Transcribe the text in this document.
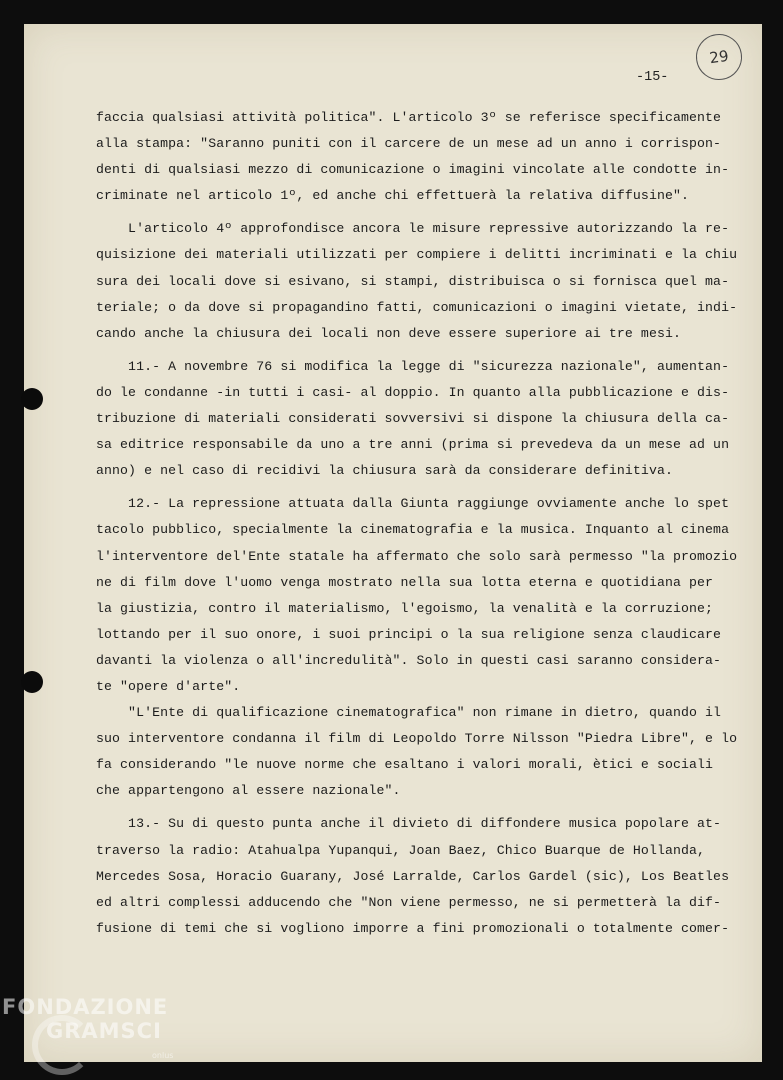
29
-15-
faccia qualsiasi attività politica". L'articolo 3º se referisce specificamente
alla stampa: "Saranno puniti con il carcere de un mese ad un anno i corrispon-
denti di qualsiasi mezzo di comunicazione o imagini vincolate alle condotte in-
criminate nel articolo 1º, ed anche chi effettuerà la relativa diffusine".
L'articolo 4º approfondisce ancora le misure repressive autorizzando la re-
quisizione dei materiali utilizzati per compiere i delitti incriminati e la chiu
sura dei locali dove si esivano, si stampi, distribuisca o si fornisca quel ma-
teriale; o da dove si propagandino fatti, comunicazioni o imagini vietate, indi-
cando anche la chiusura dei locali non deve essere superiore ai tre mesi.
11.- A novembre 76 si modifica la legge di "sicurezza nazionale", aumentan-
do le condanne -in tutti i casi- al doppio. In quanto alla pubblicazione e dis-
tribuzione di materiali considerati sovversivi si dispone la chiusura della ca-
sa editrice responsabile da uno a tre anni (prima si prevedeva da un mese ad un
anno) e nel caso di recidivi la chiusura sarà da considerare definitiva.
12.- La repressione attuata dalla Giunta raggiunge ovviamente anche lo spet
tacolo pubblico, specialmente la cinematografia e la musica. Inquanto al cinema
l'interventore del'Ente statale ha affermato che solo sarà permesso "la promozio
ne di film dove l'uomo venga mostrato nella sua lotta eterna e quotidiana per
la giustizia, contro il materialismo, l'egoismo, la venalità e la corruzione;
lottando per il suo onore, i suoi principi o la sua religione senza claudicare
davanti la violenza o all'incredulità". Solo in questi casi saranno considera-
te "opere d'arte".
"L'Ente di qualificazione cinematografica" non rimane in dietro, quando il
suo interventore condanna il film di Leopoldo Torre Nilsson "Piedra Libre", e lo
fa considerando "le nuove norme che esaltano i valori morali, ètici e sociali
che appartengono al essere nazionale".
13.- Su di questo punta anche il divieto di diffondere musica popolare at-
traverso la radio: Atahualpa Yupanqui, Joan Baez, Chico Buarque de Hollanda,
Mercedes Sosa, Horacio Guarany, José Larralde, Carlos Gardel (sic), Los Beatles
ed altri complessi adducendo che "Non viene permesso, ne si permetterà la dif-
fusione di temi che si vogliono imporre a fini promozionali o totalmente comer-
FONDAZIONE
GRAMSCI
onlus
